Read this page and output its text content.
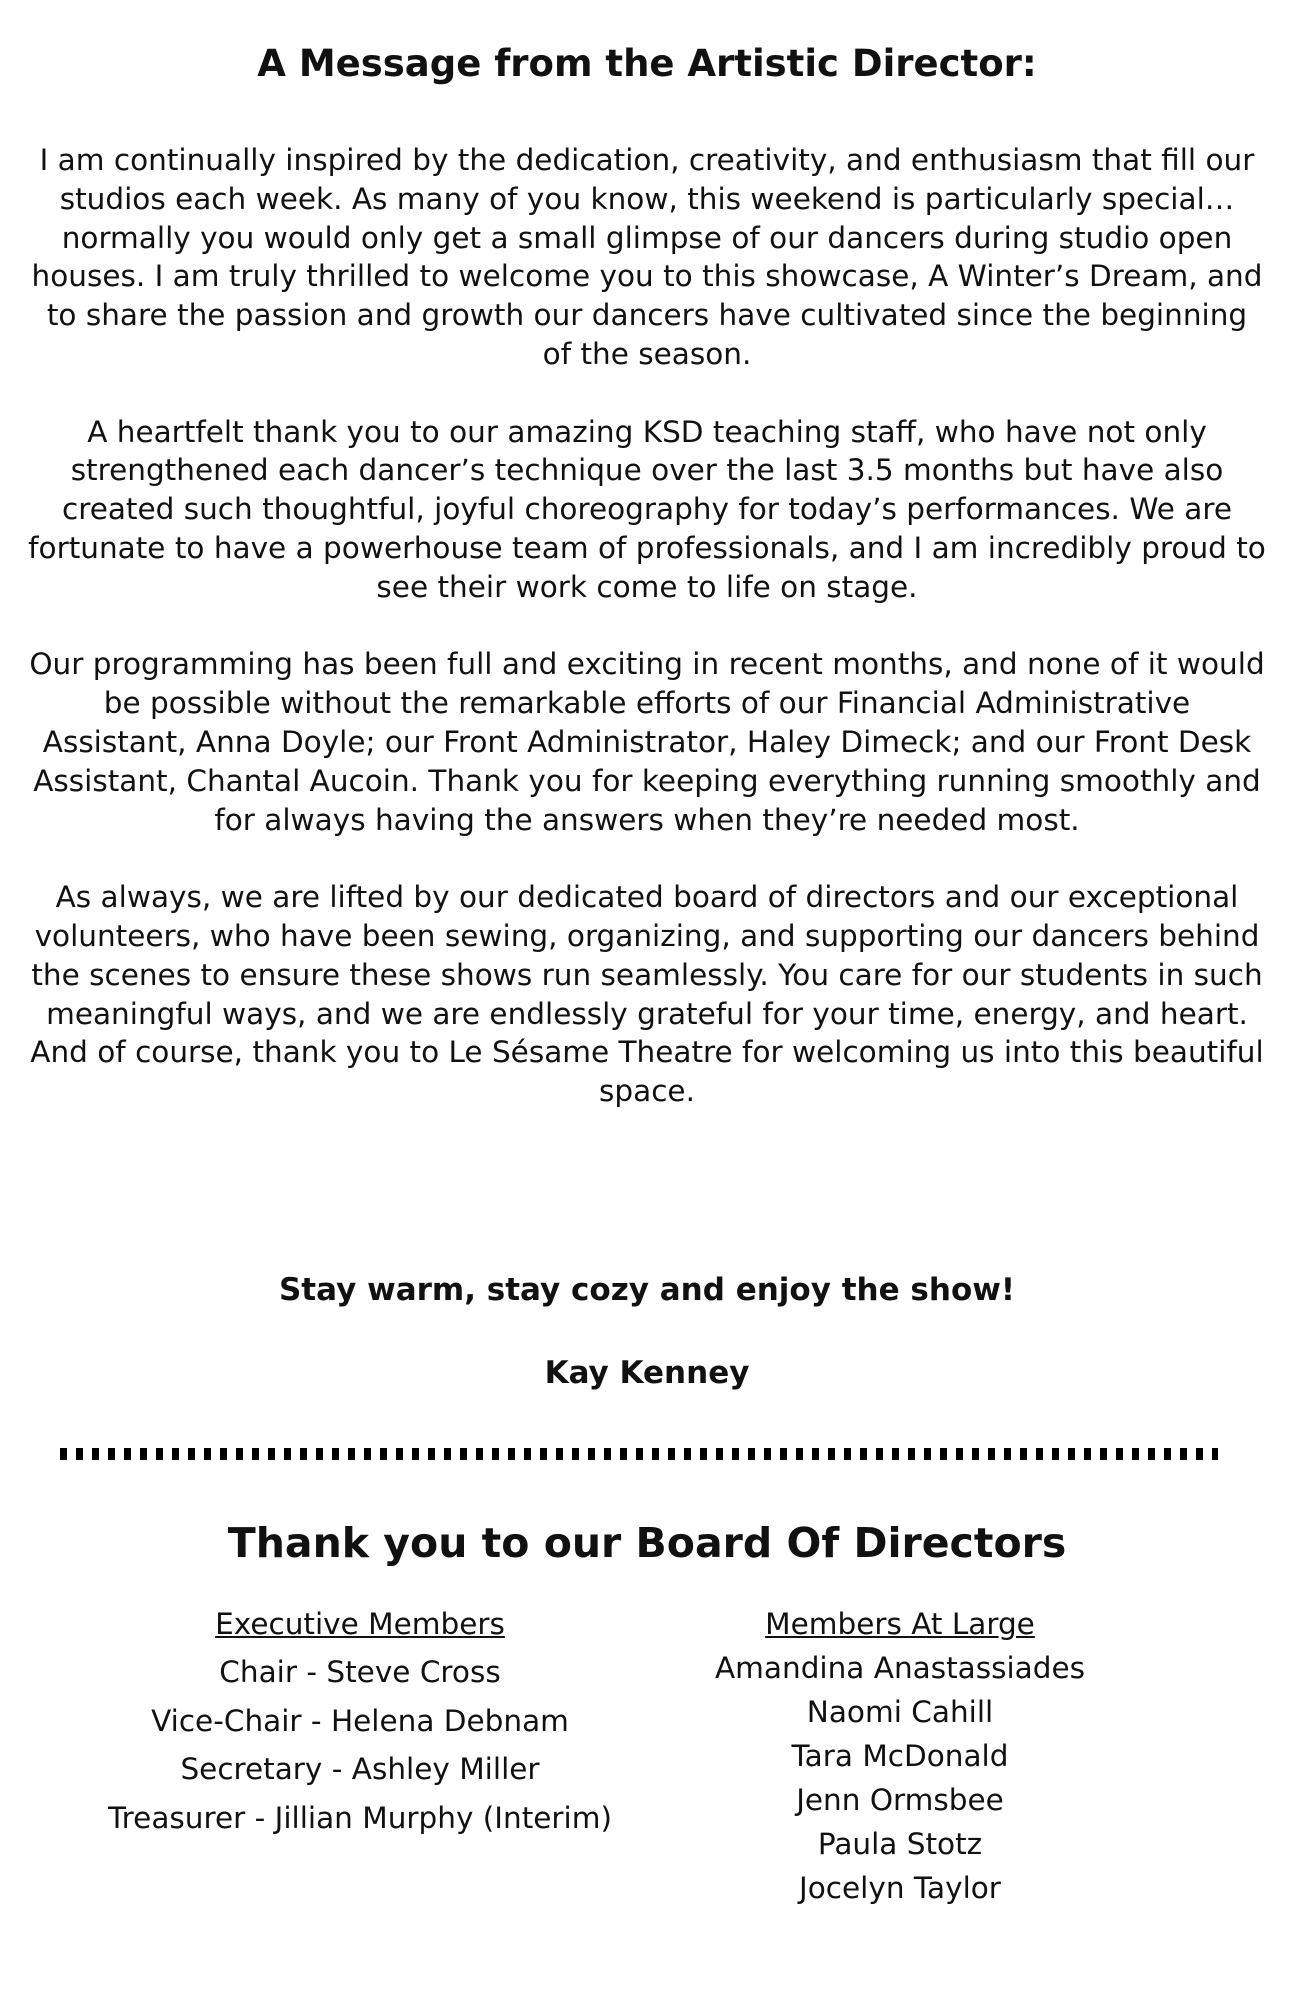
A Message from the Artistic Director:

I am continually inspired by the dedication, creativity, and enthusiasm that fill our studios each week. As many of you know, this weekend is particularly special…normally you would only get a small glimpse of our dancers during studio open houses. I am truly thrilled to welcome you to this showcase, A Winter’s Dream, and to share the passion and growth our dancers have cultivated since the beginning of the season.

A heartfelt thank you to our amazing KSD teaching staff, who have not only strengthened each dancer’s technique over the last 3.5 months but have also created such thoughtful, joyful choreography for today’s performances. We are fortunate to have a powerhouse team of professionals, and I am incredibly proud to see their work come to life on stage.

Our programming has been full and exciting in recent months, and none of it would be possible without the remarkable efforts of our Financial Administrative Assistant, Anna Doyle; our Front Administrator, Haley Dimeck; and our Front Desk Assistant, Chantal Aucoin. Thank you for keeping everything running smoothly and for always having the answers when they’re needed most.

As always, we are lifted by our dedicated board of directors and our exceptional volunteers, who have been sewing, organizing, and supporting our dancers behind the scenes to ensure these shows run seamlessly. You care for our students in such meaningful ways, and we are endlessly grateful for your time, energy, and heart. And of course, thank you to Le Sésame Theatre for welcoming us into this beautiful space.

Stay warm, stay cozy and enjoy the show!

Kay Kenney

Thank you to our Board Of Directors
Executive Members
Chair - Steve Cross
Vice-Chair - Helena Debnam
Secretary - Ashley Miller
Treasurer - Jillian Murphy (Interim)
Members At Large
Amandina Anastassiades
Naomi Cahill
Tara McDonald
Jenn Ormsbee
Paula Stotz
Jocelyn Taylor
